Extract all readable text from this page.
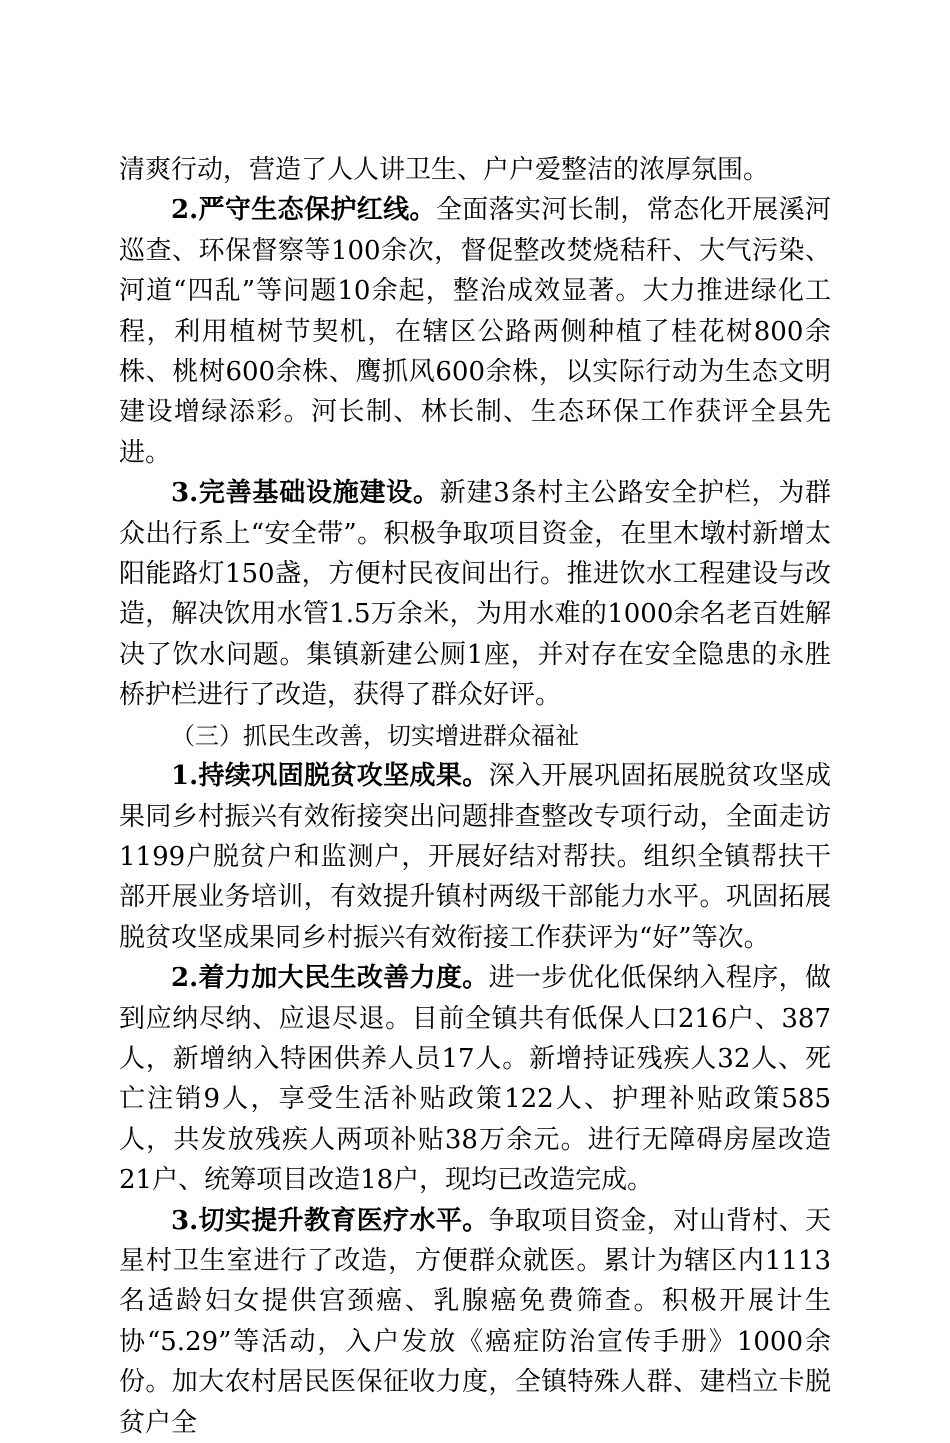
清爽行动，营造了人人讲卫生、户户爱整洁的浓厚氛围。

2.严守生态保护红线。全面落实河长制，常态化开展溪河巡查、环保督察等100余次，督促整改焚烧秸秆、大气污染、河道“四乱”等问题10余起，整治成效显著。大力推进绿化工程，利用植树节契机，在辖区公路两侧种植了桂花树800余株、桃树600余株、鹰抓风600余株，以实际行动为生态文明建设增绿添彩。河长制、林长制、生态环保工作获评全县先进。

3.完善基础设施建设。新建3条村主公路安全护栏，为群众出行系上“安全带”。积极争取项目资金，在里木墩村新增太阳能路灯150盏，方便村民夜间出行。推进饮水工程建设与改造，解决饮用水管1.5万余米，为用水难的1000余名老百姓解决了饮水问题。集镇新建公厕1座，并对存在安全隐患的永胜桥护栏进行了改造，获得了群众好评。

（三）抓民生改善，切实增进群众福祉

1.持续巩固脱贫攻坚成果。深入开展巩固拓展脱贫攻坚成果同乡村振兴有效衔接突出问题排查整改专项行动，全面走访1199户脱贫户和监测户，开展好结对帮扶。组织全镇帮扶干部开展业务培训，有效提升镇村两级干部能力水平。巩固拓展脱贫攻坚成果同乡村振兴有效衔接工作获评为“好”等次。

2.着力加大民生改善力度。进一步优化低保纳入程序，做到应纳尽纳、应退尽退。目前全镇共有低保人口216户、387人，新增纳入特困供养人员17人。新增持证残疾人32人、死亡注销9人，享受生活补贴政策122人、护理补贴政策585人，共发放残疾人两项补贴38万余元。进行无障碍房屋改造21户、统筹项目改造18户，现均已改造完成。

3.切实提升教育医疗水平。争取项目资金，对山背村、天星村卫生室进行了改造，方便群众就医。累计为辖区内1113名适龄妇女提供宫颈癌、乳腺癌免费筛查。积极开展计生协“5.29”等活动，入户发放《癌症防治宣传手册》1000余份。加大农村居民医保征收力度，全镇特殊人群、建档立卡脱贫户全
